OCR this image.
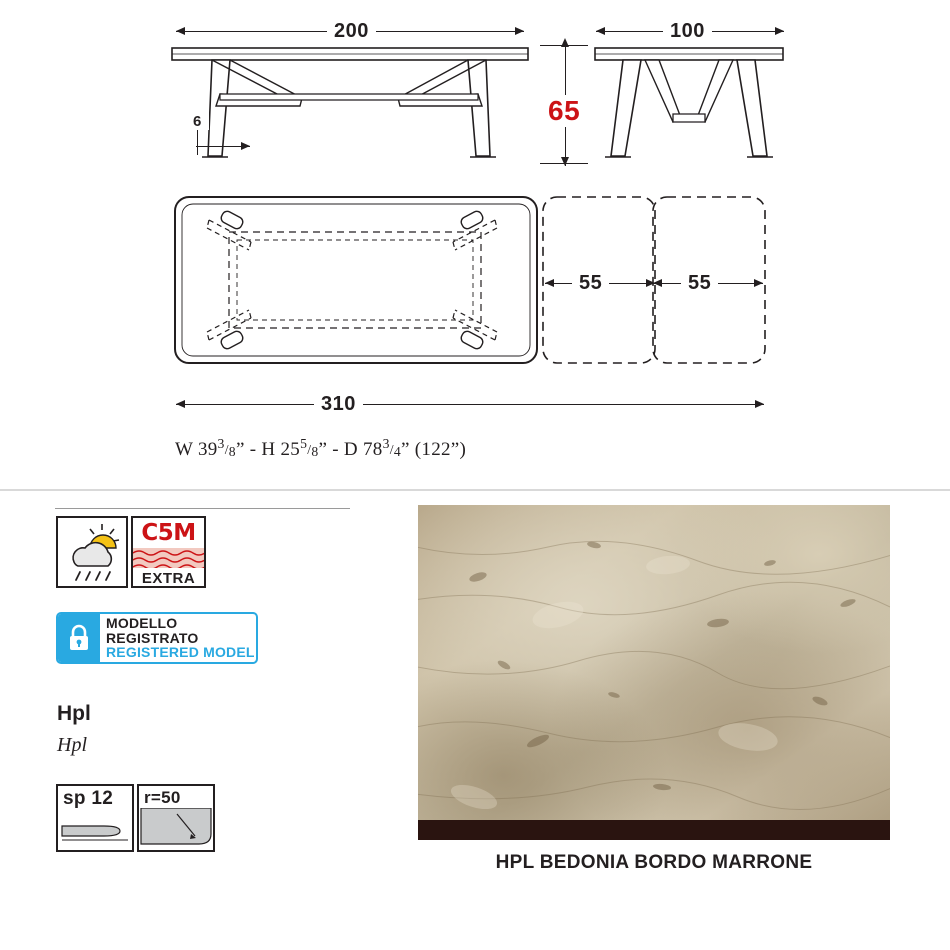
200
6
100
65
55	55
310
W $39^3/_8$” - H $25^5/_8$” - D $78^3/_4$” (122”)
C5M
EXTRA
MODELLO REGISTRATO
REGISTERED MODEL
Hpl
Hpl
sp 12	r=50
HPL BEDONIA BORDO MARRONE
